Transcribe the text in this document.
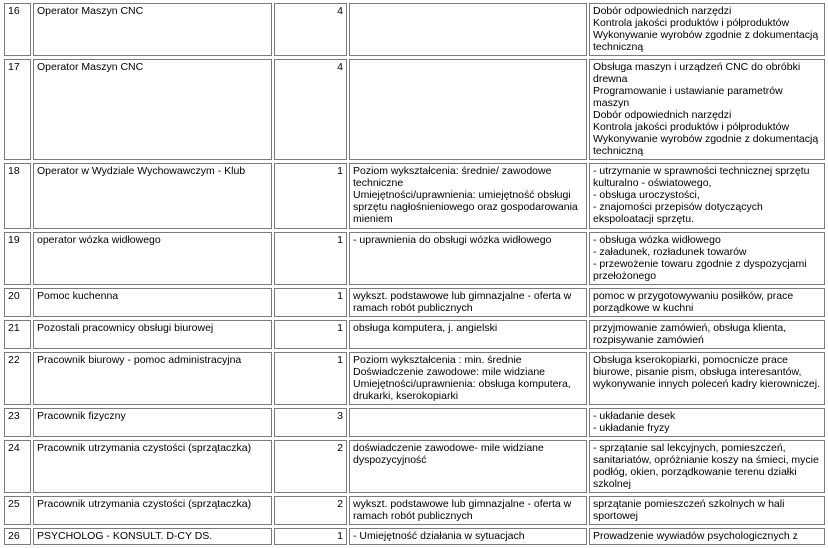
16	Operator Maszyn CNC	4		Dobór odpowiednich narzędzi
Kontrola jakości produktów i półproduktów
Wykonywanie wyrobów zgodnie z dokumentacją techniczną

17	Operator Maszyn CNC	4		Obsługa maszyn i urządzeń CNC do obróbki drewna
Programowanie i ustawianie parametrów maszyn
Dobór odpowiednich narzędzi
Kontrola jakości produktów i półproduktów
Wykonywanie wyrobów zgodnie z dokumentacją techniczną

18	Operator w Wydziale Wychowawczym - Klub	1	Poziom wykształcenia: średnie/ zawodowe techniczne
Umiejętności/uprawnienia: umiejętność obsługi sprzętu nagłośnieniowego oraz gospodarowania mieniem	- utrzymanie w sprawności technicznej sprzętu kulturalno - oświatowego,
- obsługa uroczystości,
- znajomości przepisów dotyczących ekspoloatacji sprzętu.

19	operator wózka widłowego	1	- uprawnienia do obsługi wózka widłowego	- obsługa wózka widłowego
- załadunek, rozładunek towarów
- przewożenie towaru zgodnie z dyspozycjami przełożonego

20	Pomoc kuchenna	1	wykszt. podstawowe lub gimnazjalne - oferta w ramach robót publicznych	pomoc w przygotowywaniu posiłków, prace porządkowe w kuchni

21	Pozostali pracownicy obsługi biurowej	1	obsługa komputera, j. angielski	przyjmowanie zamówień, obsługa klienta, rozpisywanie zamówień

22	Pracownik biurowy - pomoc administracyjna	1	Poziom wykształcenia : min. średnie
Doświadczenie zawodowe: mile widziane
Umiejętności/uprawnienia: obsługa komputera, drukarki, kserokopiarki	Obsługa kserokopiarki, pomocnicze prace biurowe, pisanie pism, obsługa interesantów, wykonywanie innych poleceń kadry kierowniczej.

23	Pracownik fizyczny	3		- układanie desek
- układanie fryzy

24	Pracownik utrzymania czystości (sprzątaczka)	2	doświadczenie zawodowe- mile widziane dyspozycyjność	- sprzątanie sal lekcyjnych, pomieszczeń, sanitariatów, opróżnianie koszy na śmieci, mycie podłóg, okien, porządkowanie terenu działki szkolnej

25	Pracownik utrzymania czystości (sprzątaczka)	2	wykszt. podstawowe lub gimnazjalne - oferta w ramach robót publicznych	sprzątanie pomieszczeń szkolnych w hali sportowej

26	PSYCHOLOG - KONSULT. D-CY DS.	1	- Umiejętność działania w sytuacjach	Prowadzenie wywiadów psychologicznych z
